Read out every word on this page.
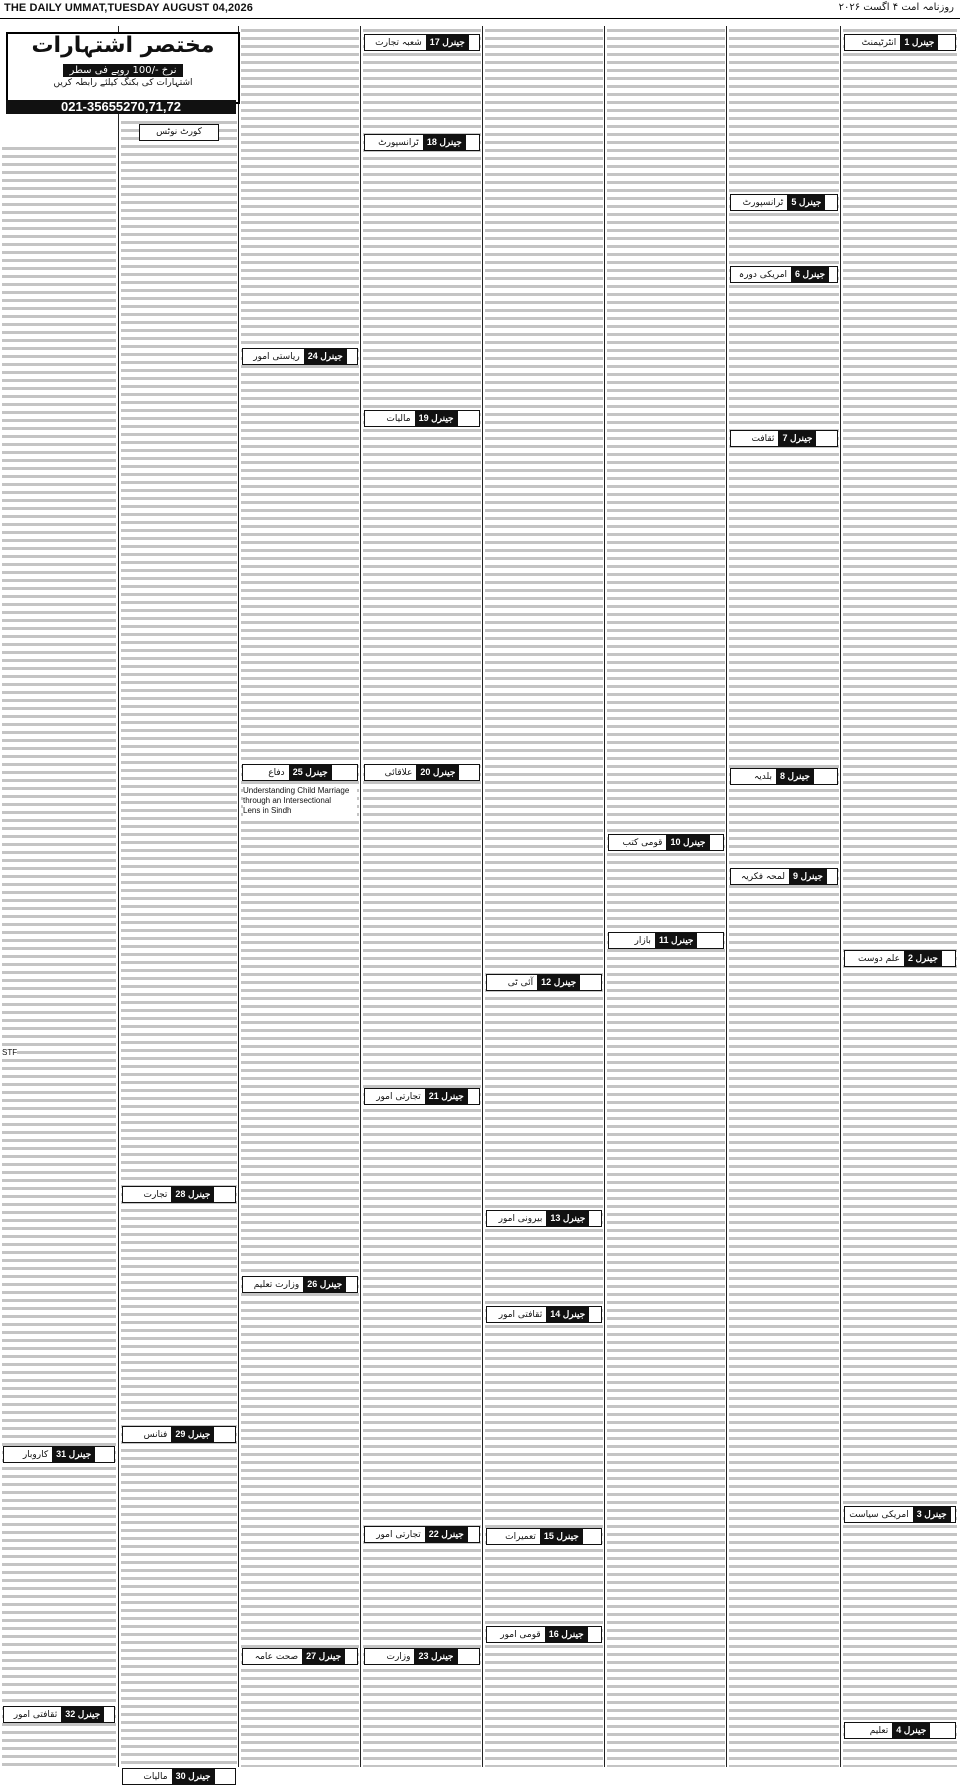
THE DAILY UMMAT,TUESDAY AUGUST 04,2026	روزنامہ امت ۴ اگست ۲۰۲۶
جینرل 31کاروبار
جینرل 32ثقافتی امور
کورٹ نوٹس
جینرل 28تجارت
جینرل 29فنانس
جینرل 30مالیات
مختصر اشتہارات
نرخ -/100 روپے فی سطر
اشتہارات کی بکنگ کیلئے رابطہ کریں
021-35655270,71,72
جینرل 24ریاستی امور
جینرل 25دفاع
Understanding Child Marriage
through an Intersectional
Lens in Sindh
جینرل 26وزارت تعلیم
جینرل 27صحت عامہ
جینرل 17شعبہ تجارت
جینرل 18ٹرانسپورٹ
جینرل 19مالیات
جینرل 20علاقائی
جینرل 21تجارتی امور
جینرل 22تجارتی امور
جینرل 23وزارت
جینرل 12آئی ٹی
جینرل 13بیرونی امور
جینرل 14ثقافتی امور
جینرل 15تعمیرات
جینرل 16قومی امور
جینرل 10قومی کتب
جینرل 11بازار
جینرل 5ٹرانسپورٹ
جینرل 6امریکی دورہ
جینرل 7ثقافت
جینرل 8بلدیہ
جینرل 9لمحہ فکریہ
جینرل 1انٹرٹیمنٹ
جینرل 2علم دوست
جینرل 3امریکی سیاست
جینرل 4تعلیم
STF
